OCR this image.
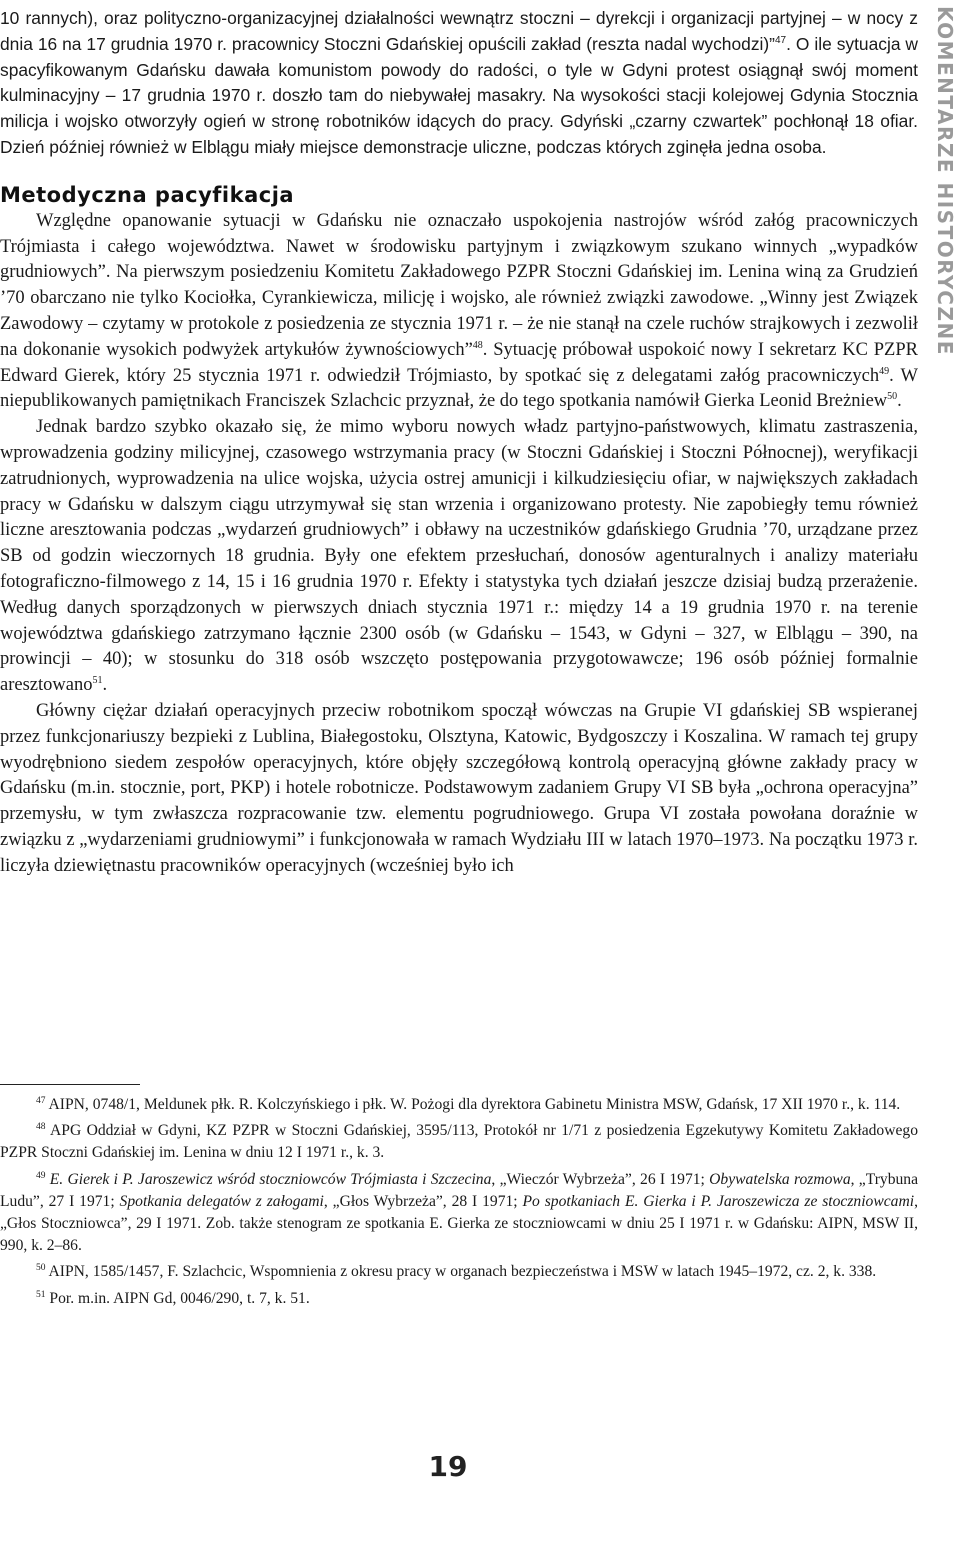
10 rannych), oraz polityczno-organizacyjnej działalności wewnątrz stoczni – dyrekcji i organizacji partyjnej – w nocy z dnia 16 na 17 grudnia 1970 r. pracownicy Stoczni Gdańskiej opuścili zakład (reszta nadal wychodzi)”$^{47}$. O ile sytuacja w spacyfikowanym Gdańsku dawała komunistom powody do radości, o tyle w Gdyni protest osiągnął swój moment kulminacyjny – 17 grudnia 1970 r. doszło tam do niebywałej masakry. Na wysokości stacji kolejowej Gdynia Stocznia milicja i wojsko otworzyły ogień w stronę robotników idących do pracy. Gdyński „czarny czwartek” pochłonął 18 ofiar. Dzień później również w Elblągu miały miejsce demonstracje uliczne, podczas których zginęła jedna osoba.

Metodyczna pacyfikacja

Względne opanowanie sytuacji w Gdańsku nie oznaczało uspokojenia nastrojów wśród załóg pracowniczych Trójmiasta i całego województwa. Nawet w środowisku partyjnym i związkowym szukano winnych „wypadków grudniowych”. Na pierwszym posiedzeniu Komitetu Zakładowego PZPR Stoczni Gdańskiej im. Lenina winą za Grudzień ’70 obarczano nie tylko Kociołka, Cyrankiewicza, milicję i wojsko, ale również związki zawodowe. „Winny jest Związek Zawodowy – czytamy w protokole z posiedzenia ze stycznia 1971 r. – że nie stanął na czele ruchów strajkowych i zezwolił na dokonanie wysokich podwyżek artykułów żywnościowych”$^{48}$. Sytuację próbował uspokoić nowy I sekretarz KC PZPR Edward Gierek, który 25 stycznia 1971 r. odwiedził Trójmiasto, by spotkać się z delegatami załóg pracowniczych$^{49}$. W niepublikowanych pamiętnikach Franciszek Szlachcic przyznał, że do tego spotkania namówił Gierka Leonid Breżniew$^{50}$.

Jednak bardzo szybko okazało się, że mimo wyboru nowych władz partyjno-państwowych, klimatu zastraszenia, wprowadzenia godziny milicyjnej, czasowego wstrzymania pracy (w Stoczni Gdańskiej i Stoczni Północnej), weryfikacji zatrudnionych, wyprowadzenia na ulice wojska, użycia ostrej amunicji i kilkudziesięciu ofiar, w największych zakładach pracy w Gdańsku w dalszym ciągu utrzymywał się stan wrzenia i organizowano protesty. Nie zapobiegły temu również liczne aresztowania podczas „wydarzeń grudniowych” i obławy na uczestników gdańskiego Grudnia ’70, urządzane przez SB od godzin wieczornych 18 grudnia. Były one efektem przesłuchań, donosów agenturalnych i analizy materiału fotograficzno-filmowego z 14, 15 i 16 grudnia 1970 r. Efekty i statystyka tych działań jeszcze dzisiaj budzą przerażenie. Według danych sporządzonych w pierwszych dniach stycznia 1971 r.: między 14 a 19 grudnia 1970 r. na terenie województwa gdańskiego zatrzymano łącznie 2300 osób (w Gdańsku – 1543, w Gdyni – 327, w Elblągu – 390, na prowincji – 40); w stosunku do 318 osób wszczęto postępowania przygotowawcze; 196 osób później formalnie aresztowano$^{51}$.

Główny ciężar działań operacyjnych przeciw robotnikom spoczął wówczas na Grupie VI gdańskiej SB wspieranej przez funkcjonariuszy bezpieki z Lublina, Białegostoku, Olsztyna, Katowic, Bydgoszczy i Koszalina. W ramach tej grupy wyodrębniono siedem zespołów operacyjnych, które objęły szczegółową kontrolą operacyjną główne zakłady pracy w Gdańsku (m.in. stocznie, port, PKP) i hotele robotnicze. Podstawowym zadaniem Grupy VI SB była „ochrona operacyjna” przemysłu, w tym zwłaszcza rozpracowanie tzw. elementu pogrudniowego. Grupa VI została powołana doraźnie w związku z „wydarzeniami grudniowymi” i funkcjonowała w ramach Wydziału III w latach 1970–1973. Na początku 1973 r. liczyła dziewiętnastu pracowników operacyjnych (wcześniej było ich

$^{47}$ AIPN, 0748/1, Meldunek płk. R. Kolczyńskiego i płk. W. Pożogi dla dyrektora Gabinetu Ministra MSW, Gdańsk, 17 XII 1970 r., k. 114.

$^{48}$ APG Oddział w Gdyni, KZ PZPR w Stoczni Gdańskiej, 3595/113, Protokół nr 1/71 z posiedzenia Egzekutywy Komitetu Zakładowego PZPR Stoczni Gdańskiej im. Lenina w dniu 12 I 1971 r., k. 3.

$^{49}$ E. Gierek i P. Jaroszewicz wśród stoczniowców Trójmiasta i Szczecina, „Wieczór Wybrzeża”, 26 I 1971; Obywatelska rozmowa, „Trybuna Ludu”, 27 I 1971; Spotkania delegatów z załogami, „Głos Wybrzeża”, 28 I 1971; Po spotkaniach E. Gierka i P. Jaroszewicza ze stoczniowcami, „Głos Stoczniowca”, 29 I 1971. Zob. także stenogram ze spotkania E. Gierka ze stoczniowcami w dniu 25 I 1971 r. w Gdańsku: AIPN, MSW II, 990, k. 2–86.

$^{50}$ AIPN, 1585/1457, F. Szlachcic, Wspomnienia z okresu pracy w organach bezpieczeństwa i MSW w latach 1945–1972, cz. 2, k. 338.

$^{51}$ Por. m.in. AIPN Gd, 0046/290, t. 7, k. 51.

KOMENTARZE HISTORYCZNE
19
